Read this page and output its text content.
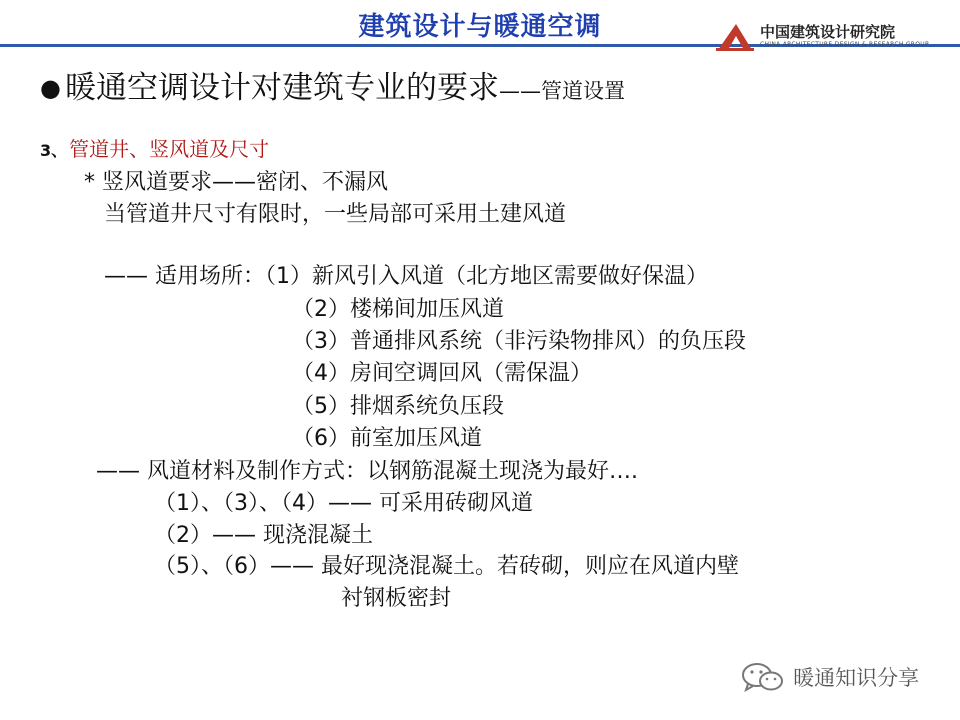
建筑设计与暖通空调	中国建筑设计研究院
CHINA ARCHITECTURE DESIGN & RESEARCH GROUP
● 暖通空调设计对建筑专业的要求——管道设置
3、 管道井、竖风道及尺寸
* 竖风道要求——密闭、不漏风
当管道井尺寸有限时，一些局部可采用土建风道
—— 适用场所：（1）新风引入风道（北方地区需要做好保温）
（2）楼梯间加压风道
（3）普通排风系统（非污染物排风）的负压段
（4）房间空调回风（需保温）
（5）排烟系统负压段
（6）前室加压风道
—— 风道材料及制作方式：以钢筋混凝土现浇为最好….
（1）、（3）、（4）—— 可采用砖砌风道
（2）—— 现浇混凝土
（5）、（6）—— 最好现浇混凝土。若砖砌，则应在风道内壁
衬钢板密封
暖通知识分享
